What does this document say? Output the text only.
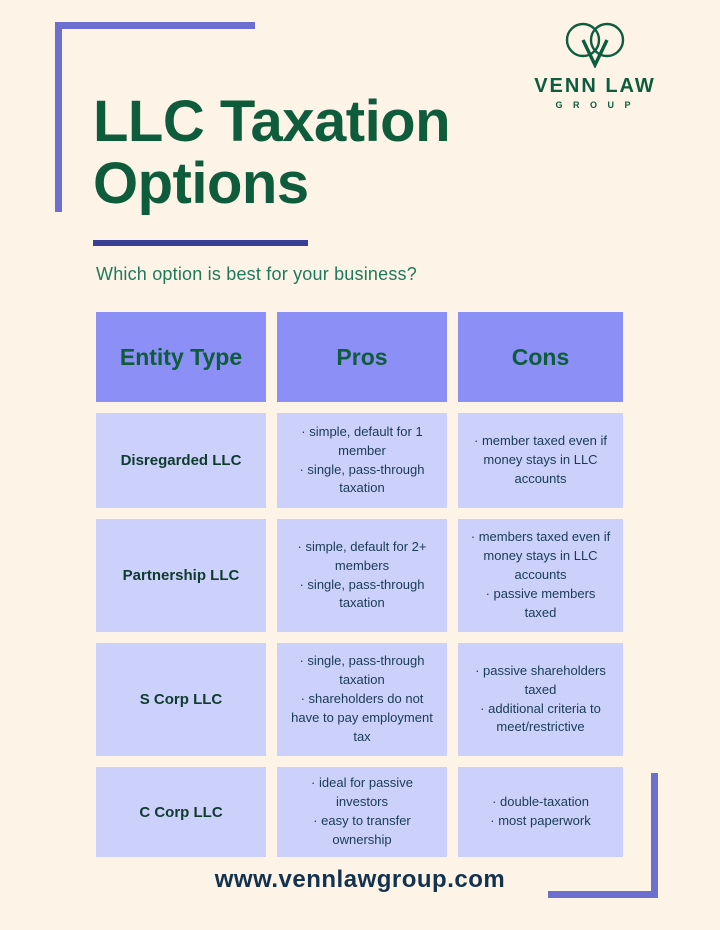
VENN LAW
G R O U P
LLC Taxation
Options
Which option is best for your business?
Entity Type	Pros	Cons
Disregarded LLC
· simple, default for 1 member
· single, pass-through taxation
· member taxed even if money stays in LLC accounts
Partnership LLC
· simple, default for 2+ members
· single, pass-through taxation
· members taxed even if money stays in LLC accounts
· passive members taxed
S Corp LLC
· single, pass-through taxation
· shareholders do not have to pay employment tax
· passive shareholders taxed
· additional criteria to meet/restrictive
C Corp LLC
· ideal for passive investors
· easy to transfer ownership
· double-taxation
· most paperwork
www.vennlawgroup.com
